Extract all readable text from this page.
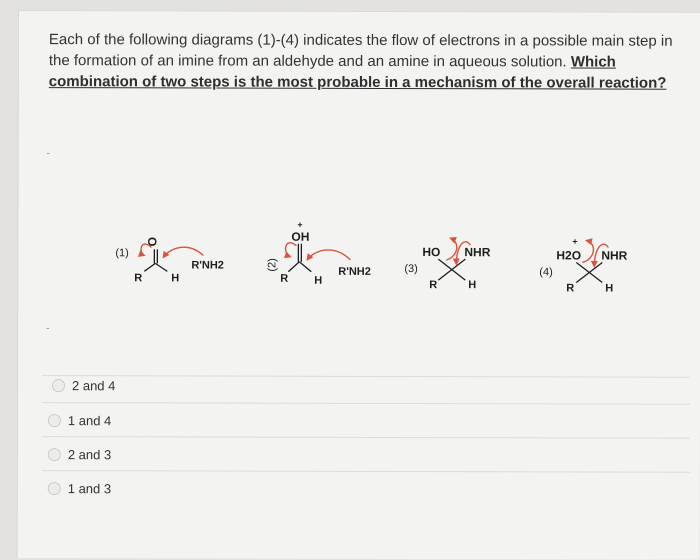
Each of the following diagrams (1)-(4) indicates the flow of electrons in a possible main step in the formation of an imine from an aldehyde and an amine in aqueous solution. Which combination of two steps is the most probable in a mechanism of the overall reaction?
-
-
(1)
O
R	H
R'NH2	(2)
+
OH
R H
R'NH2	(3)
HO NHR
R	H
(4)
+
H2O NHR
R	H
2 and 4
1 and 4
2 and 3
1 and 3
